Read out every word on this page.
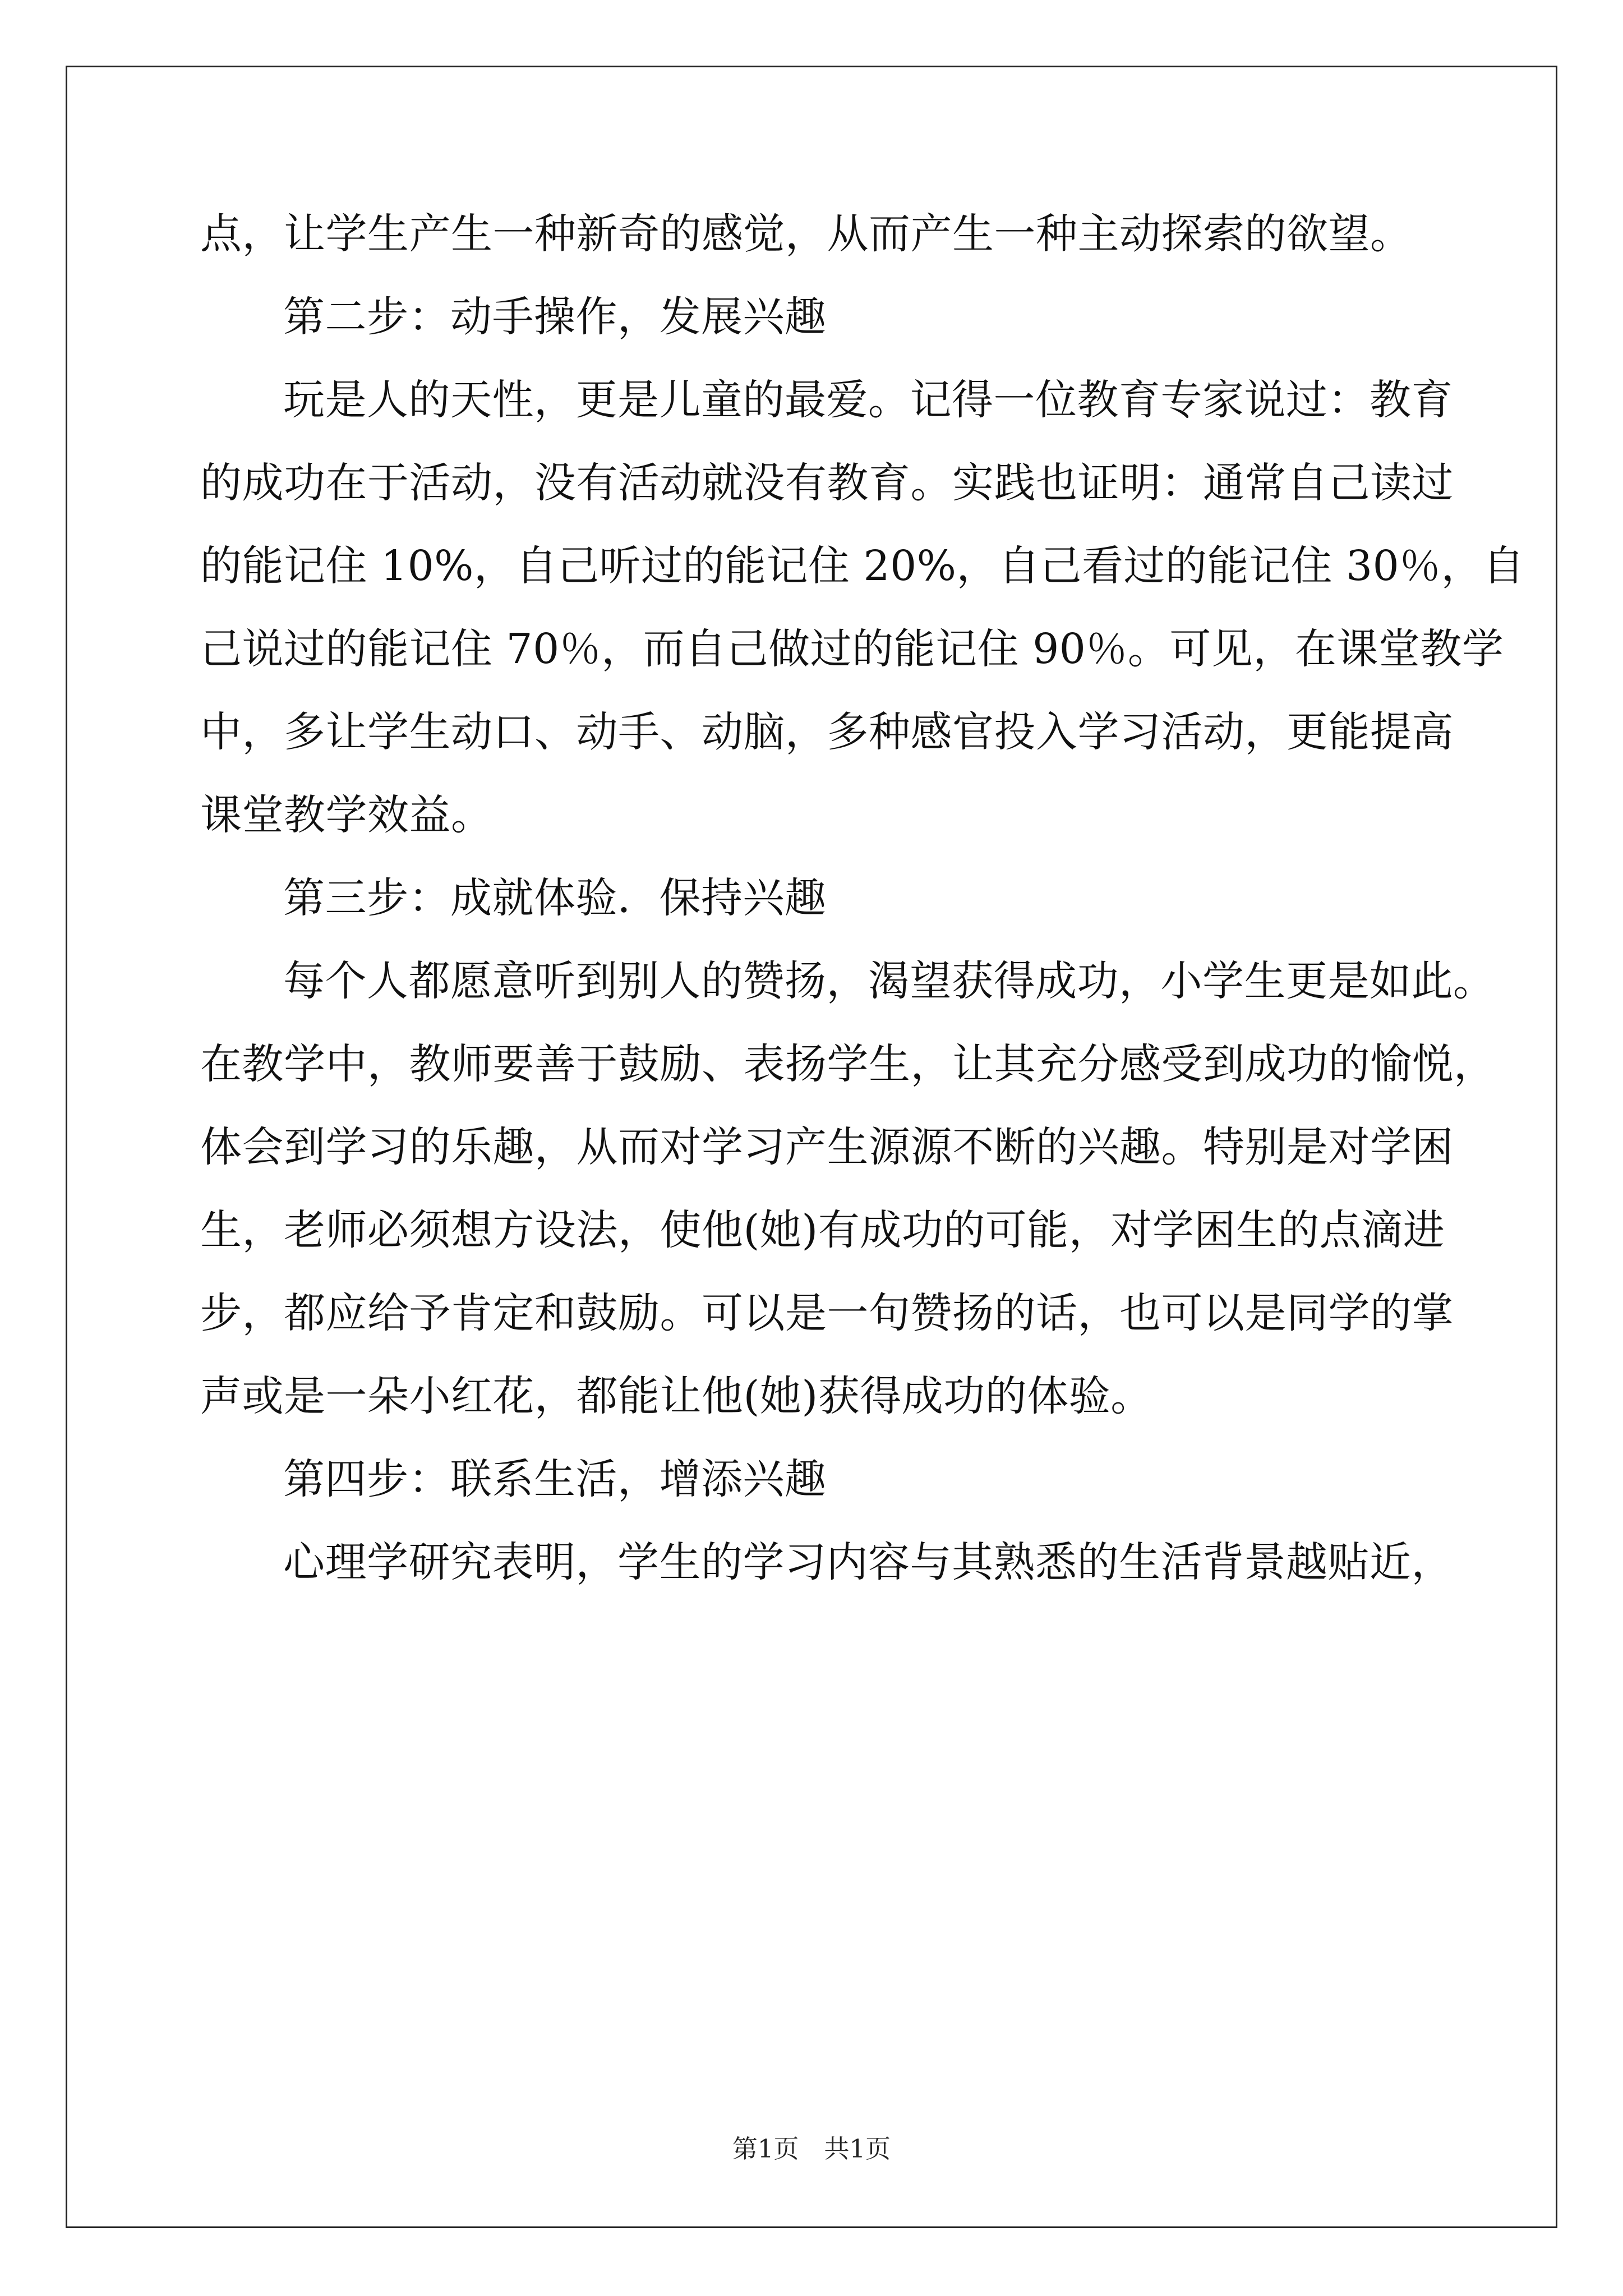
点，让学生产生一种新奇的感觉，从而产生一种主动探索的欲望。
第二步：动手操作，发展兴趣
玩是人的天性，更是儿童的最爱。记得一位教育专家说过：教育
的成功在于活动，没有活动就没有教育。实践也证明：通常自己读过
的能记住 10%，自己听过的能记住 20%，自己看过的能记住 30％，自
己说过的能记住 70％，而自己做过的能记住 90％。可见，在课堂教学
中，多让学生动口、动手、动脑，多种感官投入学习活动，更能提高
课堂教学效益。
第三步：成就体验．保持兴趣
每个人都愿意听到别人的赞扬，渴望获得成功，小学生更是如此。
在教学中，教师要善于鼓励、表扬学生，让其充分感受到成功的愉悦，
体会到学习的乐趣，从而对学习产生源源不断的兴趣。特别是对学困
生，老师必须想方设法，使他(她)有成功的可能，对学困生的点滴进
步，都应给予肯定和鼓励。可以是一句赞扬的话，也可以是同学的掌
声或是一朵小红花，都能让他(她)获得成功的体验。
第四步：联系生活，增添兴趣
心理学研究表明，学生的学习内容与其熟悉的生活背景越贴近，
第1页　共1页
